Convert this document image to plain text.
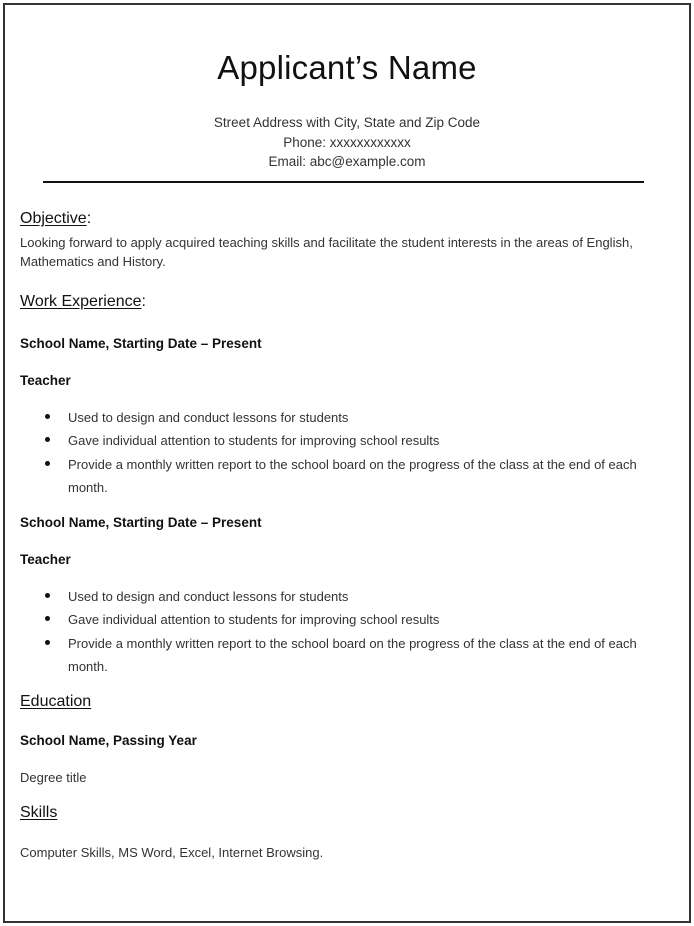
Applicant’s Name
Street Address with City, State and Zip Code
Phone: xxxxxxxxxxxx
Email: abc@example.com
Objective:
Looking forward to apply acquired teaching skills and facilitate the student interests in the areas of English, Mathematics and History.
Work Experience:
School Name, Starting Date – Present
Teacher
Used to design and conduct lessons for students
Gave individual attention to students for improving school results
Provide a monthly written report to the school board on the progress of the class at the end of each month.
School Name, Starting Date – Present
Teacher
Used to design and conduct lessons for students
Gave individual attention to students for improving school results
Provide a monthly written report to the school board on the progress of the class at the end of each month.
Education
School Name, Passing Year
Degree title
Skills
Computer Skills, MS Word, Excel, Internet Browsing.
